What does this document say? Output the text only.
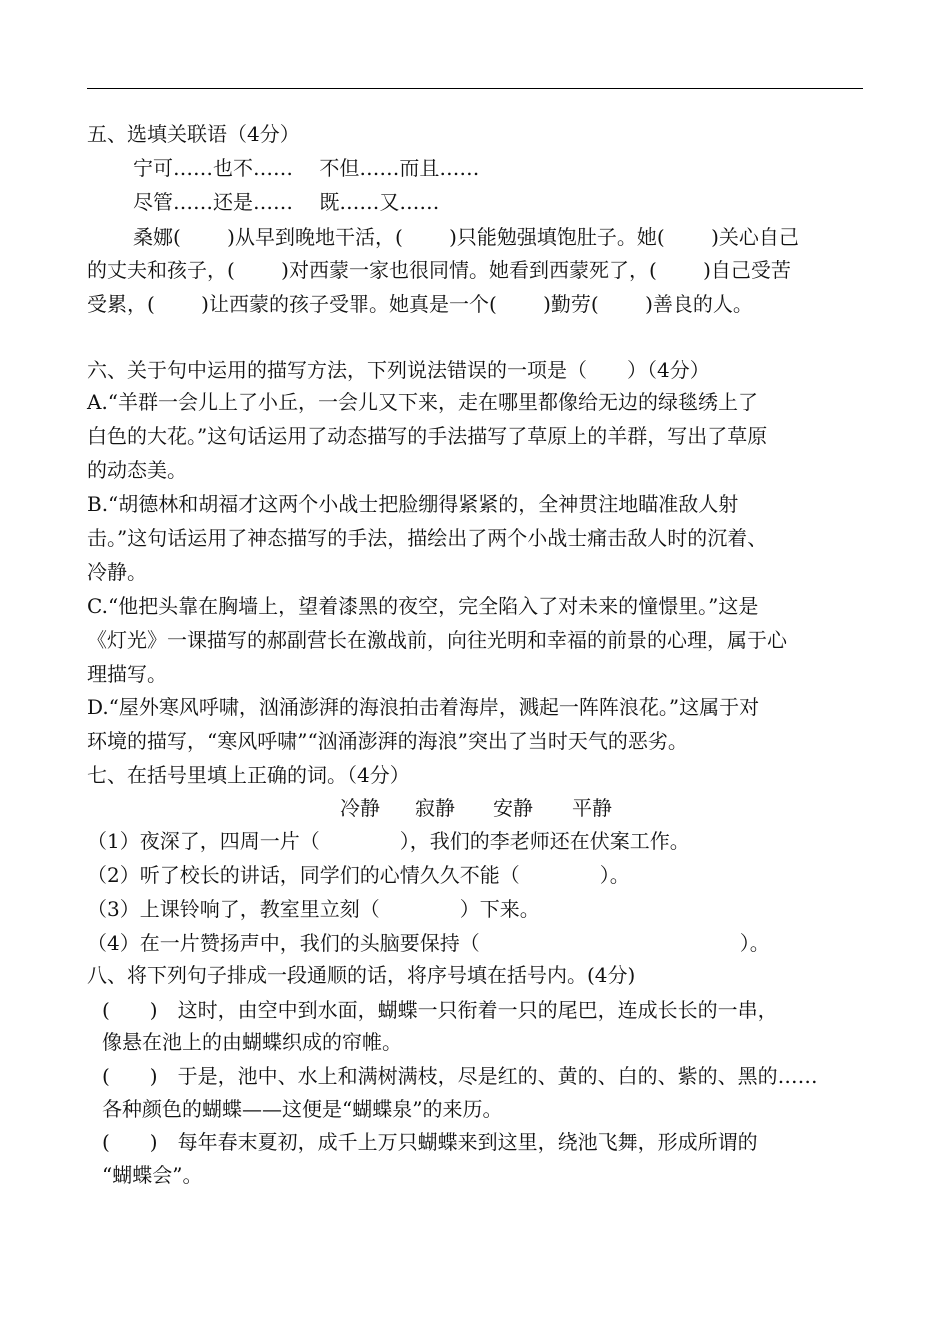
五、选填关联语（4分）
宁可……也不……　 不但……而且……
尽管……还是……　 既……又……
桑娜(　　 )从早到晚地干活，(　　 )只能勉强填饱肚子。她(　　 )关心自己
的丈夫和孩子，(　　 )对西蒙一家也很同情。她看到西蒙死了，(　　 )自己受苦
受累，(　　 )让西蒙的孩子受罪。她真是一个(　　 )勤劳(　　 )善良的人。
六、关于句中运用的描写方法，下列说法错误的一项是（　　）（4分）
A.“羊群一会儿上了小丘，一会儿又下来，走在哪里都像给无边的绿毯绣上了
白色的大花。”这句话运用了动态描写的手法描写了草原上的羊群，写出了草原
的动态美。
B.“胡德林和胡福才这两个小战士把脸绷得紧紧的，全神贯注地瞄准敌人射
击。”这句话运用了神态描写的手法，描绘出了两个小战士痛击敌人时的沉着、
冷静。
C.“他把头靠在胸墙上，望着漆黑的夜空，完全陷入了对未来的憧憬里。”这是
《灯光》一课描写的郝副营长在激战前，向往光明和幸福的前景的心理，属于心
理描写。
D.“屋外寒风呼啸，汹涌澎湃的海浪拍击着海岸，溅起一阵阵浪花。”这属于对
环境的描写，“寒风呼啸”“汹涌澎湃的海浪”突出了当时天气的恶劣。
七、在括号里填上正确的词。（4分）
冷静 寂静 安静 平静
（1）夜深了，四周一片（　　　　），我们的李老师还在伏案工作。
（2）听了校长的讲话，同学们的心情久久不能（　　　　）。
（3）上课铃响了，教室里立刻（　　　　）下来。
（4）在一片赞扬声中，我们的头脑要保持（　　　　　　　　　　　　　）。
八、将下列句子排成一段通顺的话，将序号填在括号内。(4分)
(　　)　这时，由空中到水面，蝴蝶一只衔着一只的尾巴，连成长长的一串，
像悬在池上的由蝴蝶织成的帘帷。
(　　)　于是，池中、水上和满树满枝，尽是红的、黄的、白的、紫的、黑的……
各种颜色的蝴蝶——这便是“蝴蝶泉”的来历。
(　　)　每年春末夏初，成千上万只蝴蝶来到这里，绕池飞舞，形成所谓的
“蝴蝶会”。
